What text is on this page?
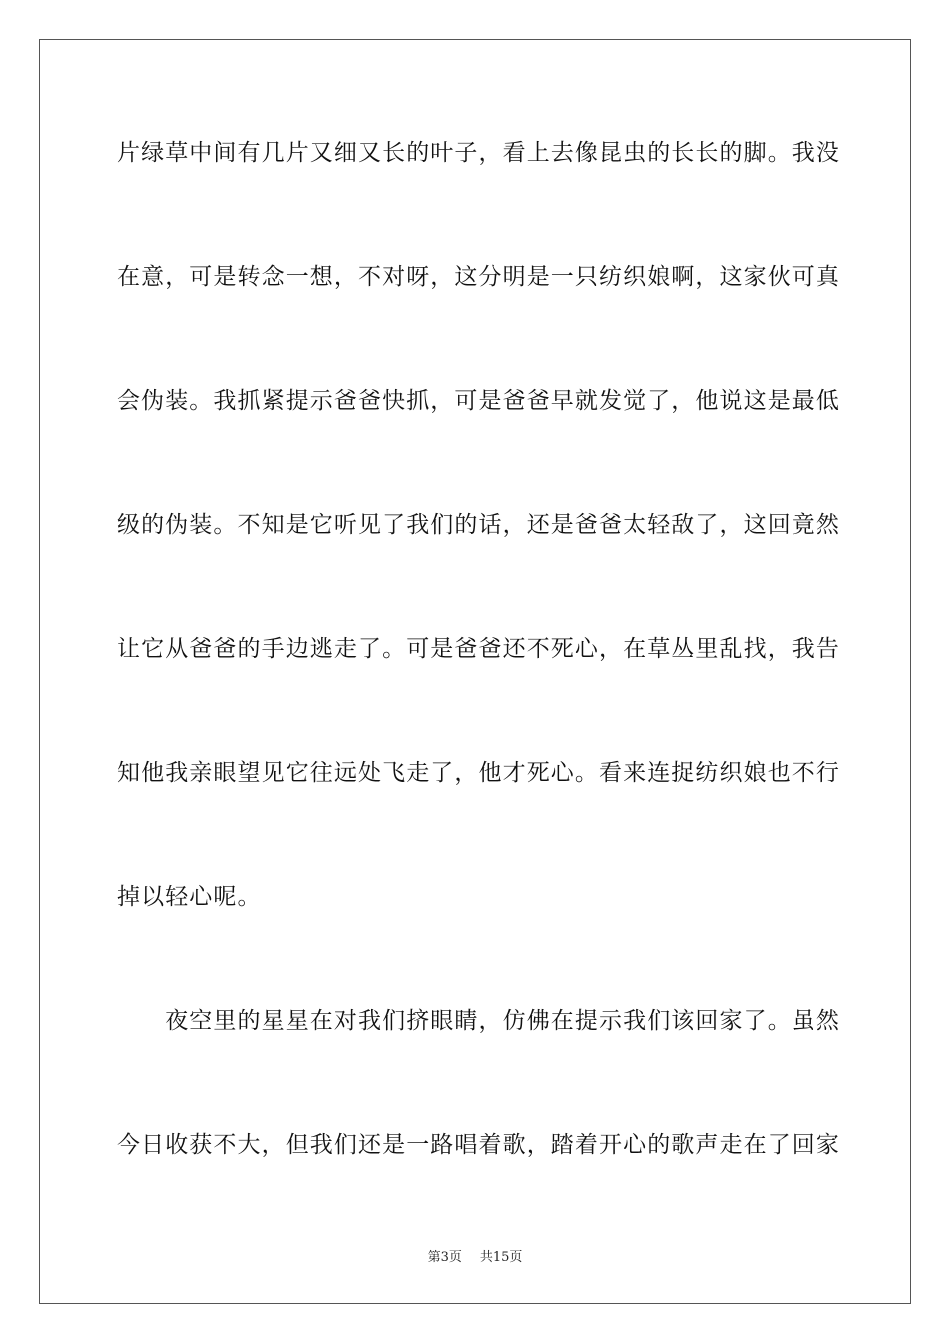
片绿草中间有几片又细又长的叶子，看上去像昆虫的长长的脚。我没
在意，可是转念一想，不对呀，这分明是一只纺织娘啊，这家伙可真
会伪装。我抓紧提示爸爸快抓，可是爸爸早就发觉了，他说这是最低
级的伪装。不知是它听见了我们的话，还是爸爸太轻敌了，这回竟然
让它从爸爸的手边逃走了。可是爸爸还不死心，在草丛里乱找，我告
知他我亲眼望见它往远处飞走了，他才死心。看来连捉纺织娘也不行
掉以轻心呢。
　　夜空里的星星在对我们挤眼睛，仿佛在提示我们该回家了。虽然
今日收获不大，但我们还是一路唱着歌，踏着开心的歌声走在了回家
第3页 共15页
